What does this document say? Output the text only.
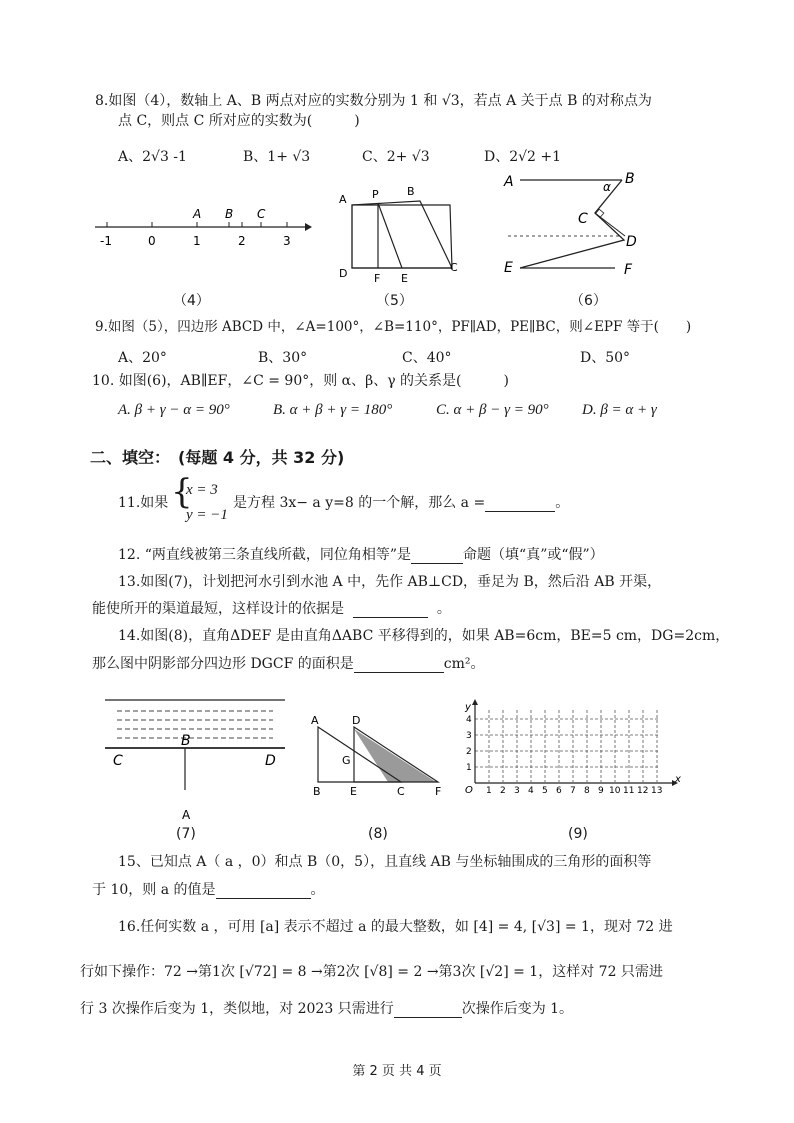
8.如图（4），数轴上 A、B 两点对应的实数分别为 1 和 √3，若点 A 关于点 B 的对称点为
点 C，则点 C 所对应的实数为(　　　)
A、2√3 -1	B、1+ √3	C、2+ √3	D、2√2 +1
-1	0	1	2	3
A B C
（4）
A P	B
D F E
C
（5）
A	B
C
D
E	F
α
（6）
9.如图（5），四边形 ABCD 中，∠A=100°，∠B=110°，PF∥AD，PE∥BC，则∠EPF 等于(　　)
A、20°	B、30°	C、40°	D、50°
10. 如图(6)，AB∥EF，∠C = 90°，则 α、β、γ 的关系是(　　　)
A. β + γ − α = 90°	B. α + β + γ = 180°	C. α + β − γ = 90° D. β = α + γ
二、填空：　(每题 4 分，共 32 分)
11.如果 {
x = 3
y = −1
是方程 3x− a y=8 的一个解，那么 a =	。
12. “两直线被第三条直线所截，同位角相等”是	命题（填“真”或“假”）
13.如图(7)，计划把河水引到水池 A 中，先作 AB⊥CD，垂足为 B，然后沿 AB 开渠，
能使所开的渠道最短，这样设计的依据是	。
14.如图(8)，直角ΔDEF 是由直角ΔABC 平移得到的，如果 AB=6cm，BE=5 cm，DG=2cm，
那么图中阴影部分四边形 DGCF 的面积是	cm²。
B
C	D
A
(7)
A	D
G
B	E	C	F
(8)
O
x
y
1 2 3 4 5 6 7 8 9 10 11 12 13
1
2
3
4
(9)
15、已知点 A（ a ，0）和点 B（0，5），且直线 AB 与坐标轴围成的三角形的面积等
于 10，则 a 的值是	。
16.任何实数 a ，可用 [a] 表示不超过 a 的最大整数，如 [4] = 4, [√3] = 1，现对 72 进
行如下操作：72 →第1次 [√72] = 8 →第2次 [√8] = 2 →第3次 [√2] = 1，这样对 72 只需进
行 3 次操作后变为 1，类似地，对 2023 只需进行	次操作后变为 1。
第 2 页 共 4 页
